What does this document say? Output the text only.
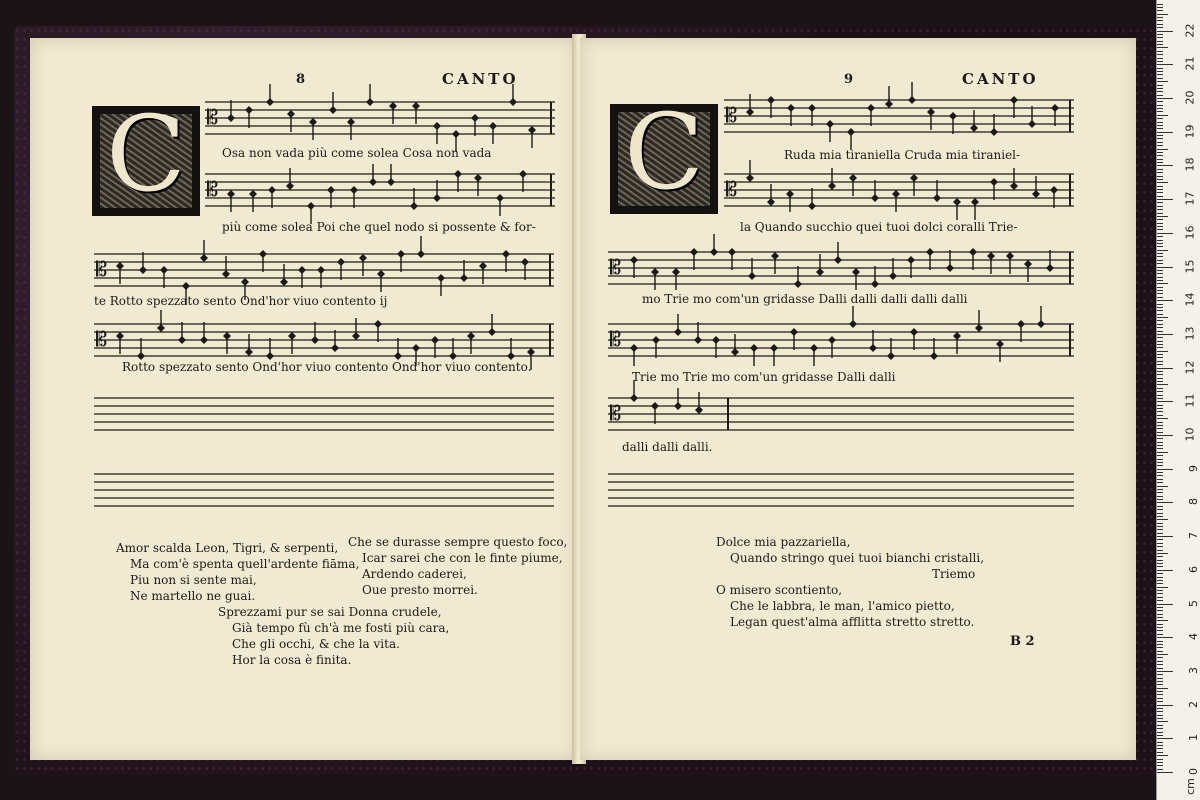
8	CANTO
C	𝄡
Osa non vada più come solea Cosa non vada
𝄡
più come solea Poi che quel nodo si possente & for-
𝄡
te Rotto spezzato sento Ond'hor viuo contento ij
𝄡
Rotto spezzato sento Ond'hor viuo contento Ond'hor viuo contento.
Amor scalda Leon, Tigri, & serpenti,
Ma com'è spenta quell'ardente fiāma,
Piu non si sente mai,
Ne martello ne guai.
Che se durasse sempre questo foco,
Icar sarei che con le finte piume,
Ardendo caderei,
Oue presto morrei.
Sprezzami pur se sai Donna crudele,
Già tempo fù ch'à me fosti più cara,
Che gli occhi, & che la vita.
Hor la cosa è finita.
9	CANTO
C	𝄡
Ruda mia tiraniella Cruda mia tiraniel-
𝄡
la Quando succhio quei tuoi dolci coralli Trie-
𝄡
mo Trie mo com'un gridasse Dalli dalli dalli dalli dalli
𝄡
Trie mo Trie mo com'un gridasse Dalli dalli
𝄡
dalli dalli dalli.
Dolce mia pazzariella,
Quando stringo quei tuoi bianchi cristalli,
Triemo
O misero scontiento,
Che le labbra, le man, l'amico pietto,
Legan quest'alma afflitta stretto stretto.
B 2
0
1
2
3
4
5
6
7
8
9
10
11
12
13
14
15
16
17
18
19
20
21
22
cm
